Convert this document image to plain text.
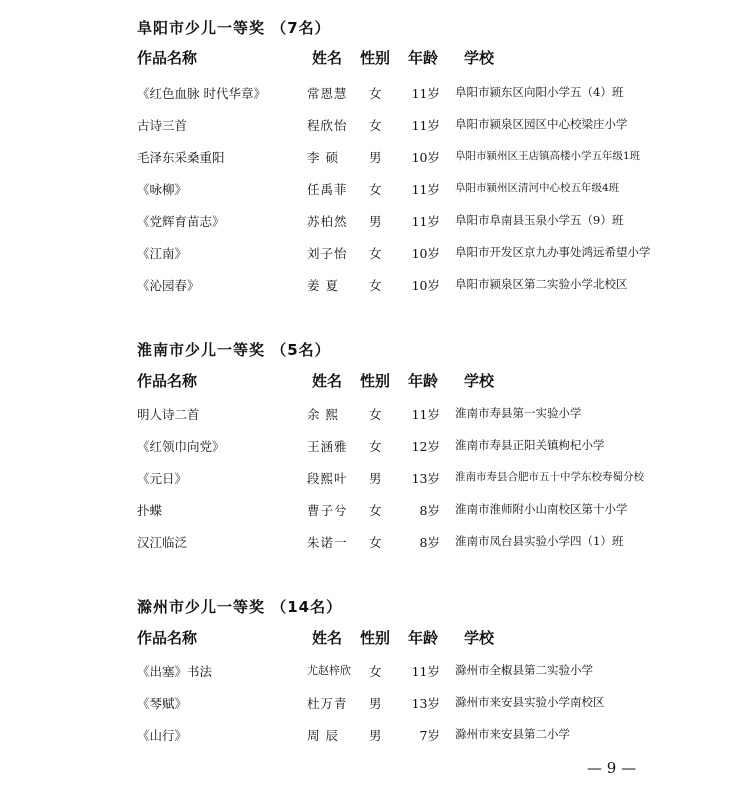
阜阳市少儿一等奖 （7名）
作品名称	姓名 性别 年龄 学校
《红色血脉 时代华章》	常恩慧 女	11岁 阜阳市颍东区向阳小学五（4）班
古诗三首	程欣怡 女	11岁 阜阳市颍泉区园区中心校梁庄小学
毛泽东采桑重阳	李 硕 男	10岁 阜阳市颍州区王店镇高楼小学五年级1班
《咏柳》	任禹菲 女	11岁 阜阳市颍州区清河中心校五年级4班
《党辉育苗志》	苏柏然 男	11岁 阜阳市阜南县玉泉小学五（9）班
《江南》	刘子怡 女	10岁 阜阳市开发区京九办事处鸿远希望小学
《沁园春》	姜 夏 女	10岁 阜阳市颍泉区第二实验小学北校区
淮南市少儿一等奖 （5名）
作品名称	姓名 性别 年龄 学校
明人诗二首	余 熙 女	11岁 淮南市寿县第一实验小学
《红领巾向党》	王涵雅 女	12岁 淮南市寿县正阳关镇枸杞小学
《元日》	段熙叶 男	13岁 淮南市寿县合肥市五十中学东校寿蜀分校
扑蝶	曹子兮 女	8岁 淮南市淮师附小山南校区第十小学
汉江临泛	朱诺一 女	8岁 淮南市凤台县实验小学四（1）班
滁州市少儿一等奖 （14名）
作品名称	姓名 性别 年龄 学校
《出塞》书法	尤赵梓欣 女	11岁 滁州市全椒县第二实验小学
《琴赋》	杜万青 男	13岁 滁州市来安县实验小学南校区
《山行》	周 辰 男	7岁 滁州市来安县第二小学
— 9 —
